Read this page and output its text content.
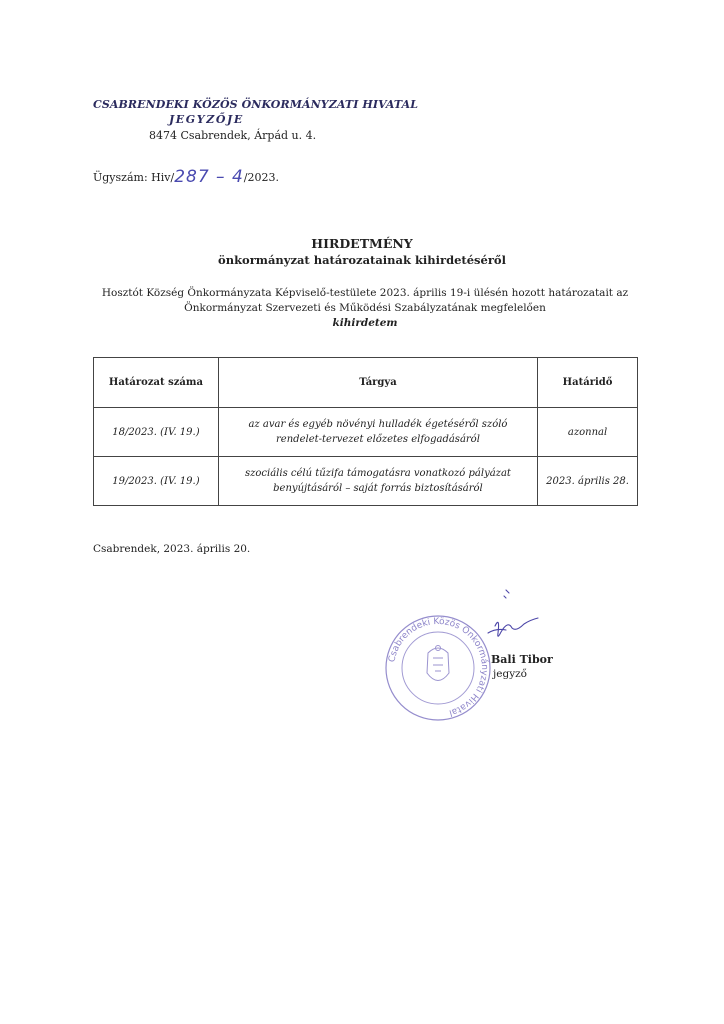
CSABRENDEKI KÖZÖS ÖNKORMÁNYZATI HIVATAL
JEGYZŐJE
8474 Csabrendek, Árpád u. 4.
Ügyszám: Hiv/287 – 4/2023.
HIRDETMÉNY
önkormányzat határozatainak kihirdetéséről
Hosztót Község Önkormányzata Képviselő-testülete 2023. április 19-i ülésén hozott határozatait az Önkormányzat Szervezeti és Működési Szabályzatának megfelelően
kihirdetem
Határozat száma	Tárgya	Határidő
18/2023. (IV. 19.)	az avar és egyéb növényi hulladék égetéséről szóló rendelet-tervezet előzetes elfogadásáról	azonnal
19/2023. (IV. 19.)	szociális célú tűzifa támogatásra vonatkozó pályázat benyújtásáról – saját forrás biztosításáról	2023. április 28.
Csabrendek, 2023. április 20.
Csabrendeki Közös Önkormányzati Hivatal
Bali Tibor
jegyző
